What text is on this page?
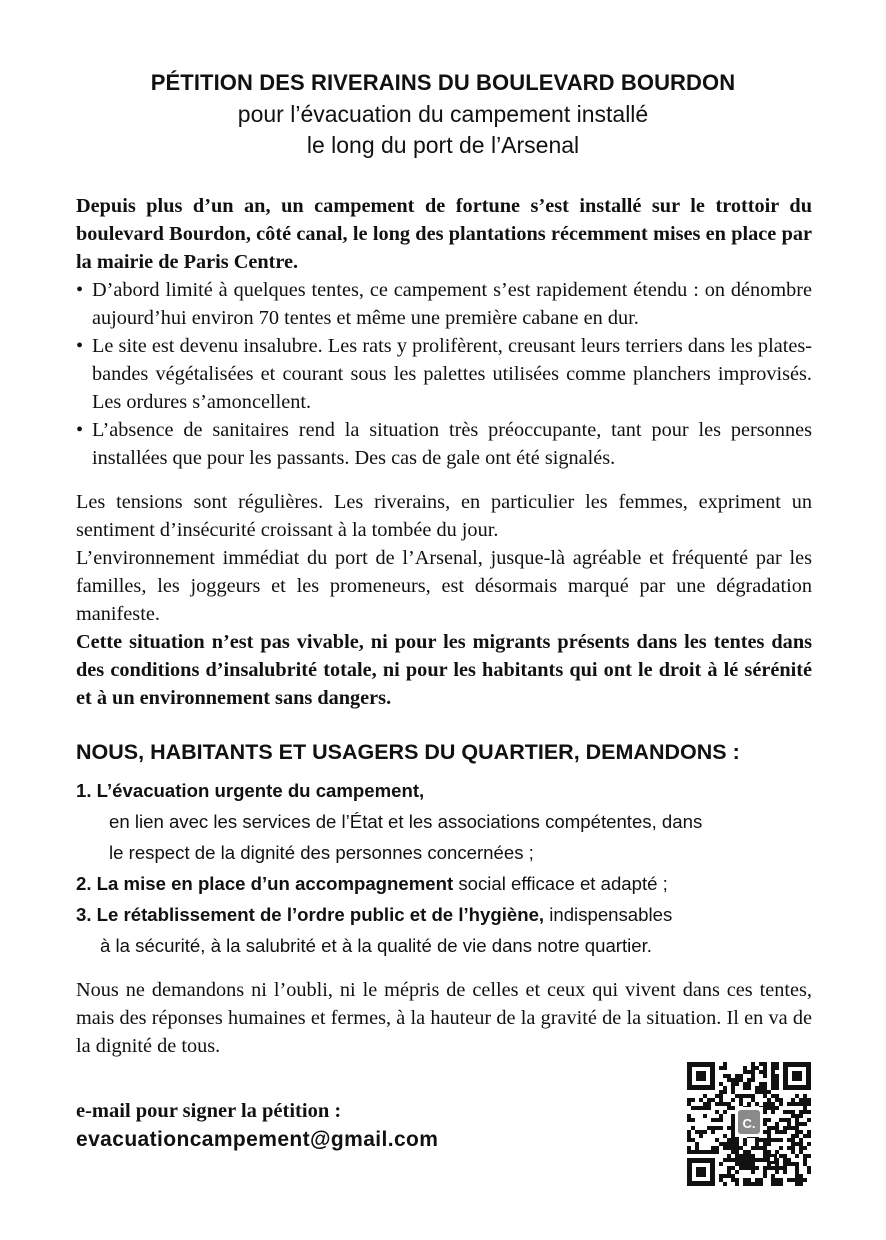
PÉTITION DES RIVERAINS DU BOULEVARD BOURDON
pour l’évacuation du campement installé
le long du port de l’Arsenal
Depuis plus d’un an, un campement de fortune s’est installé sur le trottoir du boulevard Bourdon, côté canal, le long des plantations récemment mises en place par la mairie de Paris Centre.
• D’abord limité à quelques tentes, ce campement s’est rapidement étendu : on dénombre aujourd’hui environ 70 tentes et même une première cabane en dur.
• Le site est devenu insalubre. Les rats y prolifèrent, creusant leurs terriers dans les plates-bandes végétalisées et courant sous les palettes utilisées comme planchers improvisés. Les ordures s’amoncellent.
• L’absence de sanitaires rend la situation très préoccupante, tant pour les personnes installées que pour les passants. Des cas de gale ont été signalés.
Les tensions sont régulières. Les riverains, en particulier les femmes, expriment un sentiment d’insécurité croissant à la tombée du jour.
L’environnement immédiat du port de l’Arsenal, jusque-là agréable et fréquenté par les familles, les joggeurs et les promeneurs, est désormais marqué par une dégradation manifeste.
Cette situation n’est pas vivable, ni pour les migrants présents dans les tentes dans des conditions d’insalubrité totale, ni pour les habitants qui ont le droit à lé sérénité et à un environnement sans dangers.
NOUS, HABITANTS ET USAGERS DU QUARTIER, DEMANDONS :
1. L’évacuation urgente du campement,
en lien avec les services de l’État et les associations compétentes, dans
le respect de la dignité des personnes concernées ;
2. La mise en place d’un accompagnement social efficace et adapté ;
3. Le rétablissement de l’ordre public et de l’hygiène, indispensables
à la sécurité, à la salubrité et à la qualité de vie dans notre quartier.
Nous ne demandons ni l’oubli, ni le mépris de celles et ceux qui vivent dans ces tentes, mais des réponses humaines et fermes, à la hauteur de la gravité de la situation. Il en va de la dignité de tous.
e-mail pour signer la pétition :
evacuationcampement@gmail.com
C.
